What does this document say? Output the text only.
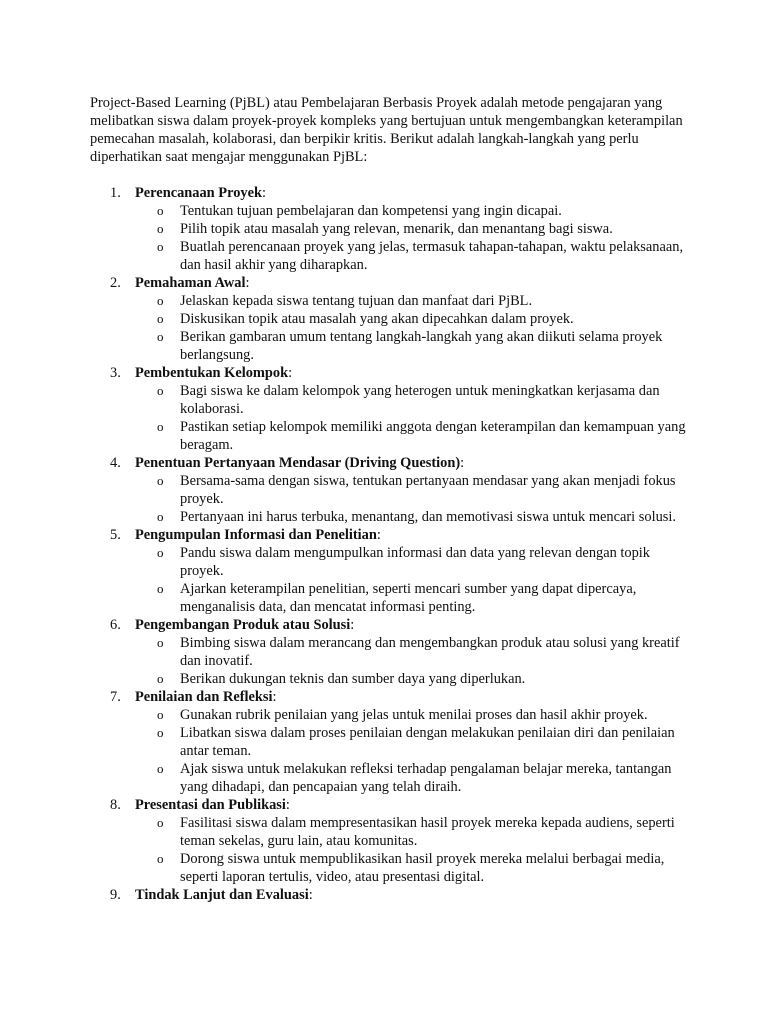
Project-Based Learning (PjBL) atau Pembelajaran Berbasis Proyek adalah metode pengajaran yang melibatkan siswa dalam proyek-proyek kompleks yang bertujuan untuk mengembangkan keterampilan pemecahan masalah, kolaborasi, dan berpikir kritis. Berikut adalah langkah-langkah yang perlu diperhatikan saat mengajar menggunakan PjBL:

1. Perencanaan Proyek:
o Tentukan tujuan pembelajaran dan kompetensi yang ingin dicapai.
o Pilih topik atau masalah yang relevan, menarik, dan menantang bagi siswa.
o Buatlah perencanaan proyek yang jelas, termasuk tahapan-tahapan, waktu pelaksanaan, dan hasil akhir yang diharapkan.
2. Pemahaman Awal:
o Jelaskan kepada siswa tentang tujuan dan manfaat dari PjBL.
o Diskusikan topik atau masalah yang akan dipecahkan dalam proyek.
o Berikan gambaran umum tentang langkah-langkah yang akan diikuti selama proyek berlangsung.
3. Pembentukan Kelompok:
o Bagi siswa ke dalam kelompok yang heterogen untuk meningkatkan kerjasama dan kolaborasi.
o Pastikan setiap kelompok memiliki anggota dengan keterampilan dan kemampuan yang beragam.
4. Penentuan Pertanyaan Mendasar (Driving Question):
o Bersama-sama dengan siswa, tentukan pertanyaan mendasar yang akan menjadi fokus proyek.
o Pertanyaan ini harus terbuka, menantang, dan memotivasi siswa untuk mencari solusi.
5. Pengumpulan Informasi dan Penelitian:
o Pandu siswa dalam mengumpulkan informasi dan data yang relevan dengan topik proyek.
o Ajarkan keterampilan penelitian, seperti mencari sumber yang dapat dipercaya, menganalisis data, dan mencatat informasi penting.
6. Pengembangan Produk atau Solusi:
o Bimbing siswa dalam merancang dan mengembangkan produk atau solusi yang kreatif dan inovatif.
o Berikan dukungan teknis dan sumber daya yang diperlukan.
7. Penilaian dan Refleksi:
o Gunakan rubrik penilaian yang jelas untuk menilai proses dan hasil akhir proyek.
o Libatkan siswa dalam proses penilaian dengan melakukan penilaian diri dan penilaian antar teman.
o Ajak siswa untuk melakukan refleksi terhadap pengalaman belajar mereka, tantangan yang dihadapi, dan pencapaian yang telah diraih.
8. Presentasi dan Publikasi:
o Fasilitasi siswa dalam mempresentasikan hasil proyek mereka kepada audiens, seperti teman sekelas, guru lain, atau komunitas.
o Dorong siswa untuk mempublikasikan hasil proyek mereka melalui berbagai media, seperti laporan tertulis, video, atau presentasi digital.
9. Tindak Lanjut dan Evaluasi:
